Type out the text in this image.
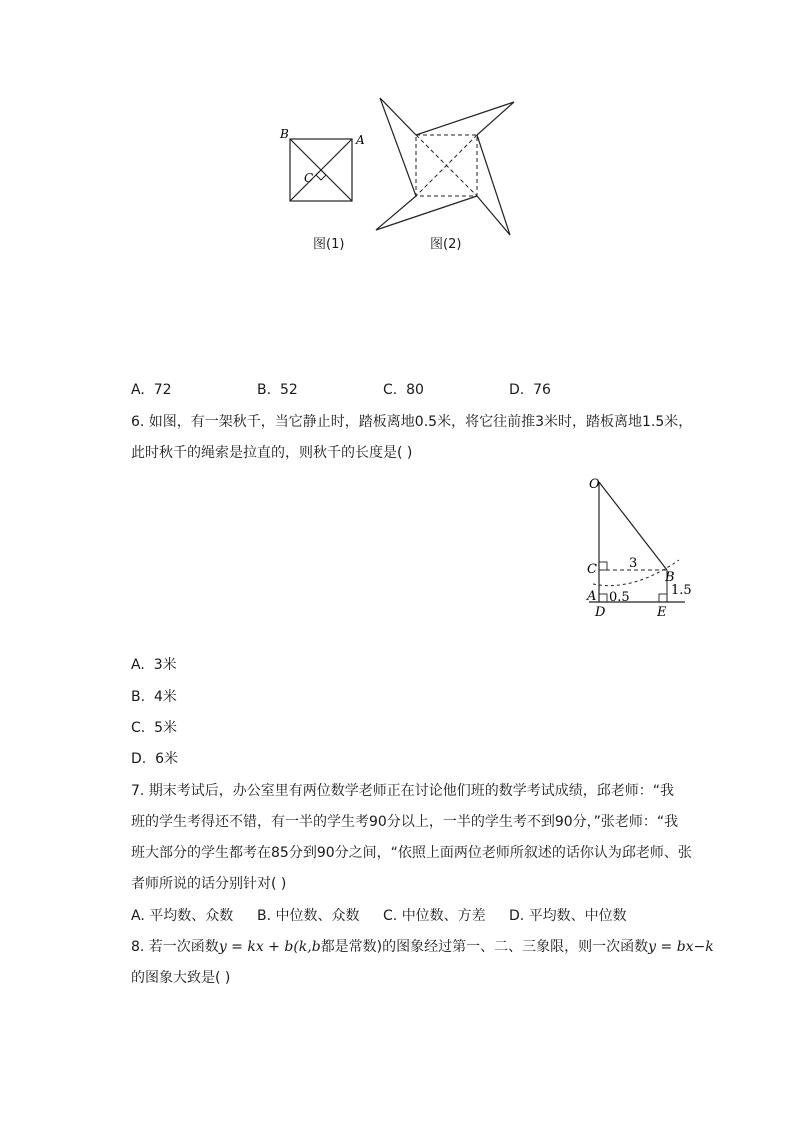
B	A
C
图(1)	图(2)
A. 72	B. 52	C. 80	D. 76
6. 如图，有一架秋千，当它静止时，踏板离地0.5米，将它往前推3米时，踏板离地1.5米，
此时秋千的绳索是拉直的，则秋千的长度是( )
O
C 3
B
1.5
A 0.5
D	E
A. 3米
B. 4米
C. 5米
D. 6米
7. 期末考试后，办公室里有两位数学老师正在讨论他们班的数学考试成绩，邱老师：“我
班的学生考得还不错，有一半的学生考90分以上，一半的学生考不到90分，”张老师：“我
班大部分的学生都考在85分到90分之间，“依照上面两位老师所叙述的话你认为邱老师、张
者师所说的话分别针对( )
A. 平均数、众数 B. 中位数、众数 C. 中位数、方差 D. 平均数、中位数
8. 若一次函数y = kx + b(k,b都是常数)的图象经过第一、二、三象限，则一次函数y = bx−k
的图象大致是( )
